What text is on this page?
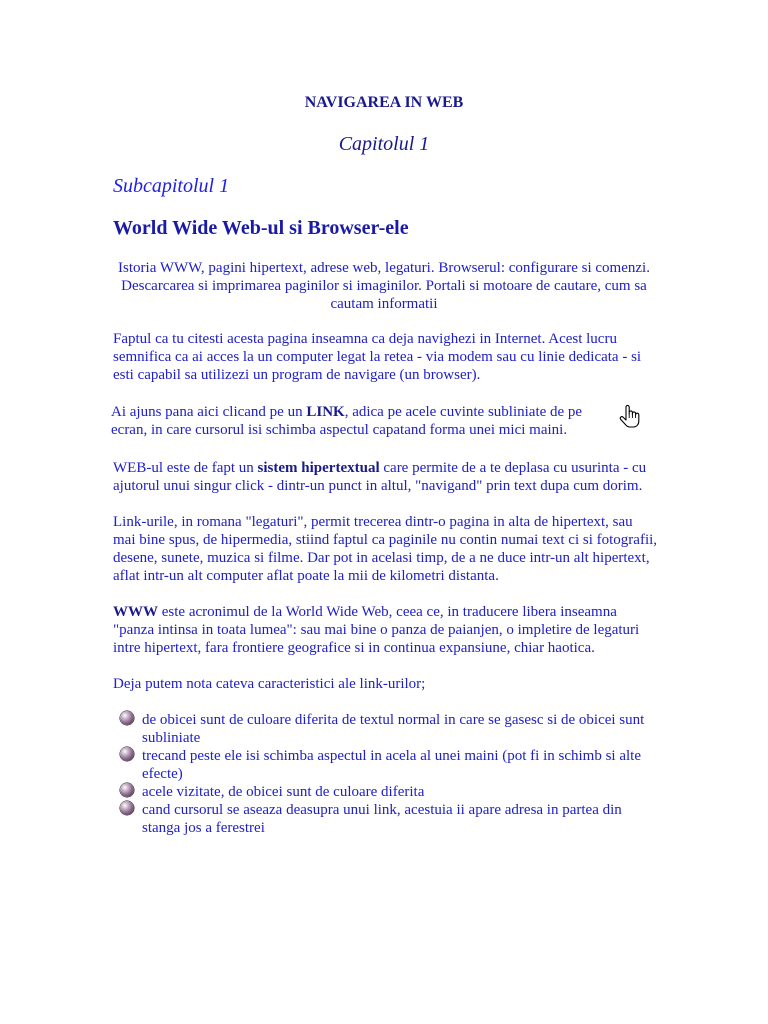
NAVIGAREA IN WEB
Capitolul 1
Subcapitolul 1
World Wide Web-ul si Browser-ele
Istoria WWW, pagini hipertext, adrese web, legaturi. Browserul: configurare si comenzi. Descarcarea si imprimarea paginilor si imaginilor. Portali si motoare de cautare, cum sa cautam informatii

Faptul ca tu citesti acesta pagina inseamna ca deja navighezi in Internet. Acest lucru semnifica ca ai acces la un computer legat la retea - via modem sau cu linie dedicata - si esti capabil sa utilizezi un program de navigare (un browser).

Ai ajuns pana aici clicand pe un LINK, adica pe acele cuvinte subliniate de pe ecran, in care cursorul isi schimba aspectul capatand forma unei mici maini.

WEB-ul este de fapt un sistem hipertextual care permite de a te deplasa cu usurinta - cu ajutorul unui singur click - dintr-un punct in altul, "navigand" prin text dupa cum dorim.

Link-urile, in romana "legaturi", permit trecerea dintr-o pagina in alta de hipertext, sau mai bine spus, de hipermedia, stiind faptul ca paginile nu contin numai text ci si fotografii, desene, sunete, muzica si filme. Dar pot in acelasi timp, de a ne duce intr-un alt hipertext, aflat intr-un alt computer aflat poate la mii de kilometri distanta.

WWW este acronimul de la World Wide Web, ceea ce, in traducere libera inseamna "panza intinsa in toata lumea": sau mai bine o panza de paianjen, o impletire de legaturi intre hipertext, fara frontiere geografice si in continua expansiune, chiar haotica.

Deja putem nota cateva caracteristici ale link-urilor;

de obicei sunt de culoare diferita de textul normal in care se gasesc si de obicei sunt subliniate
trecand peste ele isi schimba aspectul in acela al unei maini (pot fi in schimb si alte efecte)
acele vizitate, de obicei sunt de culoare diferita
cand cursorul se aseaza deasupra unui link, acestuia ii apare adresa in partea din stanga jos a ferestrei
